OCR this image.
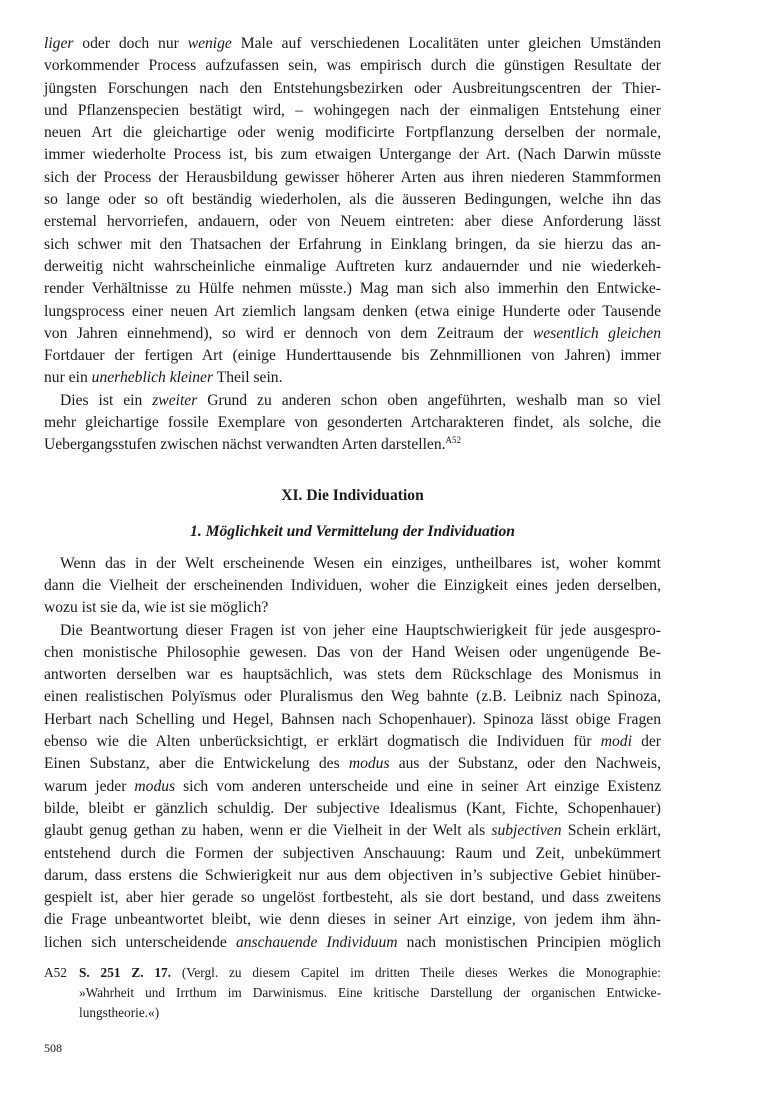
liger oder doch nur wenige Male auf verschiedenen Localitäten unter gleichen Umständen
vorkommender Process aufzufassen sein, was empirisch durch die günstigen Resultate der
jüngsten Forschungen nach den Entstehungsbezirken oder Ausbreitungscentren der Thier-
und Pflanzenspecien bestätigt wird, – wohingegen nach der einmaligen Entstehung einer
neuen Art die gleichartige oder wenig modificirte Fortpflanzung derselben der normale,
immer wiederholte Process ist, bis zum etwaigen Untergange der Art. (Nach Darwin müsste
sich der Process der Herausbildung gewisser höherer Arten aus ihren niederen Stammformen
so lange oder so oft beständig wiederholen, als die äusseren Bedingungen, welche ihn das
erstemal hervorriefen, andauern, oder von Neuem eintreten: aber diese Anforderung lässt
sich schwer mit den Thatsachen der Erfahrung in Einklang bringen, da sie hierzu das an-
derweitig nicht wahrscheinliche einmalige Auftreten kurz andauernder und nie wiederkeh-
render Verhältnisse zu Hülfe nehmen müsste.) Mag man sich also immerhin den Entwicke-
lungsprocess einer neuen Art ziemlich langsam denken (etwa einige Hunderte oder Tausende
von Jahren einnehmend), so wird er dennoch von dem Zeitraum der wesentlich gleichen
Fortdauer der fertigen Art (einige Hunderttausende bis Zehnmillionen von Jahren) immer
nur ein unerheblich kleiner Theil sein.
Dies ist ein zweiter Grund zu anderen schon oben angeführten, weshalb man so viel
mehr gleichartige fossile Exemplare von gesonderten Artcharakteren findet, als solche, die
Uebergangsstufen zwischen nächst verwandten Arten darstellen.$^{A52}$
XI. Die Individuation
1. Möglichkeit und Vermittelung der Individuation
Wenn das in der Welt erscheinende Wesen ein einziges, untheilbares ist, woher kommt
dann die Vielheit der erscheinenden Individuen, woher die Einzigkeit eines jeden derselben,
wozu ist sie da, wie ist sie möglich?
Die Beantwortung dieser Fragen ist von jeher eine Hauptschwierigkeit für jede ausgespro-
chen monistische Philosophie gewesen. Das von der Hand Weisen oder ungenügende Be-
antworten derselben war es hauptsächlich, was stets dem Rückschlage des Monismus in
einen realistischen Polyïsmus oder Pluralismus den Weg bahnte (z.B. Leibniz nach Spinoza,
Herbart nach Schelling und Hegel, Bahnsen nach Schopenhauer). Spinoza lässt obige Fragen
ebenso wie die Alten unberücksichtigt, er erklärt dogmatisch die Individuen für modi der
Einen Substanz, aber die Entwickelung des modus aus der Substanz, oder den Nachweis,
warum jeder modus sich vom anderen unterscheide und eine in seiner Art einzige Existenz
bilde, bleibt er gänzlich schuldig. Der subjective Idealismus (Kant, Fichte, Schopenhauer)
glaubt genug gethan zu haben, wenn er die Vielheit in der Welt als subjectiven Schein erklärt,
entstehend durch die Formen der subjectiven Anschauung: Raum und Zeit, unbekümmert
darum, dass erstens die Schwierigkeit nur aus dem objectiven in’s subjective Gebiet hinüber-
gespielt ist, aber hier gerade so ungelöst fortbesteht, als sie dort bestand, und dass zweitens
die Frage unbeantwortet bleibt, wie denn dieses in seiner Art einzige, von jedem ihm ähn-
lichen sich unterscheidende anschauende Individuum nach monistischen Principien möglich
A52 S. 251 Z. 17. (Vergl. zu diesem Capitel im dritten Theile dieses Werkes die Monographie:
»Wahrheit und Irrthum im Darwinismus. Eine kritische Darstellung der organischen Entwicke-
lungstheorie.«)
508
